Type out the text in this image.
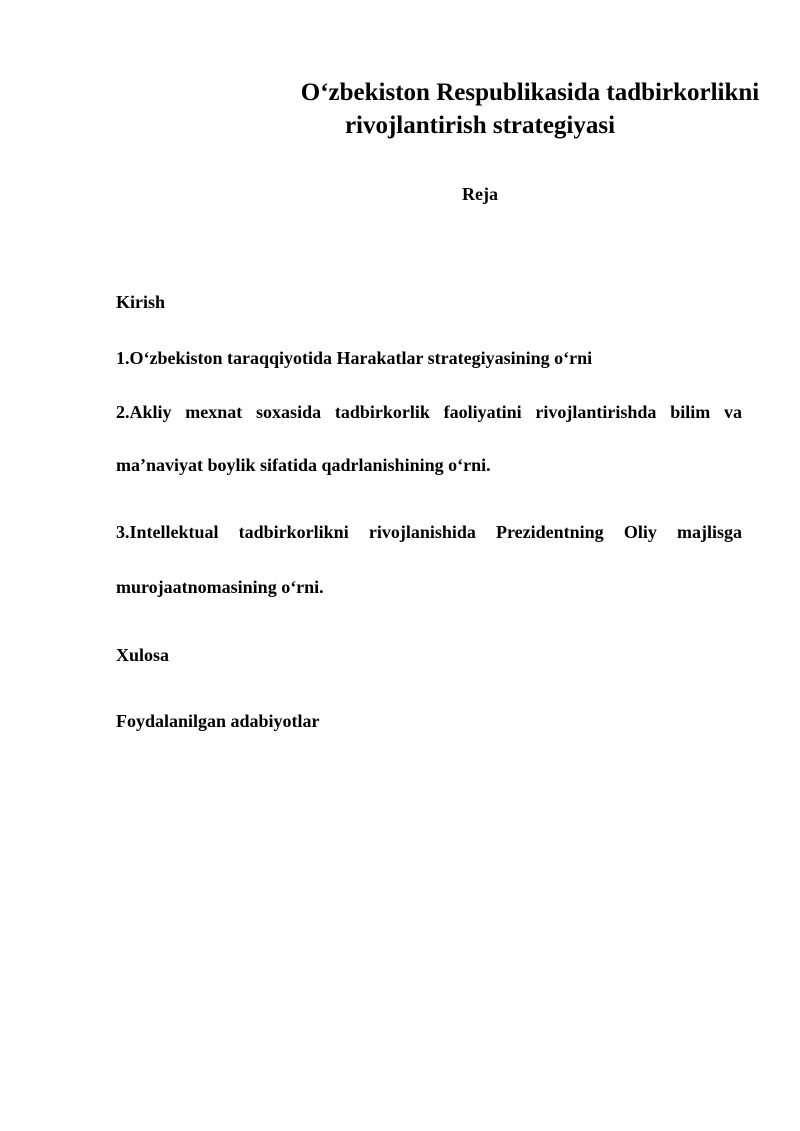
O‘zbekiston Respublikasida tadbirkorlikni
rivojlantirish strategiyasi
Reja
Kirish
1.O‘zbekiston taraqqiyotida Harakatlar strategiyasining o‘rni
2.Akliy mexnat soxasida tadbirkorlik faoliyatini rivojlantirishda bilim va
ma’naviyat boylik sifatida qadrlanishining o‘rni.
3.Intellektual tadbirkorlikni rivojlanishida Prezidentning Oliy majlisga
murojaatnomasining o‘rni.
Xulosa
Foydalanilgan adabiyotlar
